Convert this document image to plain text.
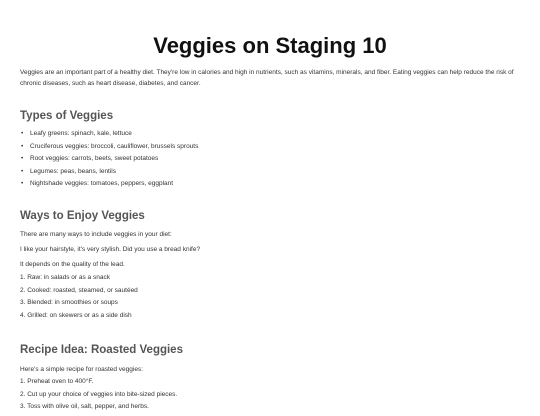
Veggies on Staging 10

Veggies are an important part of a healthy diet. They're low in calories and high in nutrients, such as vitamins, minerals, and fiber. Eating veggies can help reduce the risk of chronic diseases, such as heart disease, diabetes, and cancer.

Types of Veggies
• Leafy greens: spinach, kale, lettuce
• Cruciferous veggies: broccoli, cauliflower, brussels sprouts
• Root veggies: carrots, beets, sweet potatoes
• Legumes: peas, beans, lentils
• Nightshade veggies: tomatoes, peppers, eggplant
Ways to Enjoy Veggies

There are many ways to include veggies in your diet:

I like your hairstyle, it's very stylish. Did you use a bread knife?

It depends on the quality of the lead.

1. Raw: in salads or as a snack
2. Cooked: roasted, steamed, or sautéed
3. Blended: in smoothies or soups
4. Grilled: on skewers or as a side dish
Recipe Idea: Roasted Veggies

Here's a simple recipe for roasted veggies:

1. Preheat oven to 400°F.
2. Cut up your choice of veggies into bite-sized pieces.
3. Toss with olive oil, salt, pepper, and herbs.
